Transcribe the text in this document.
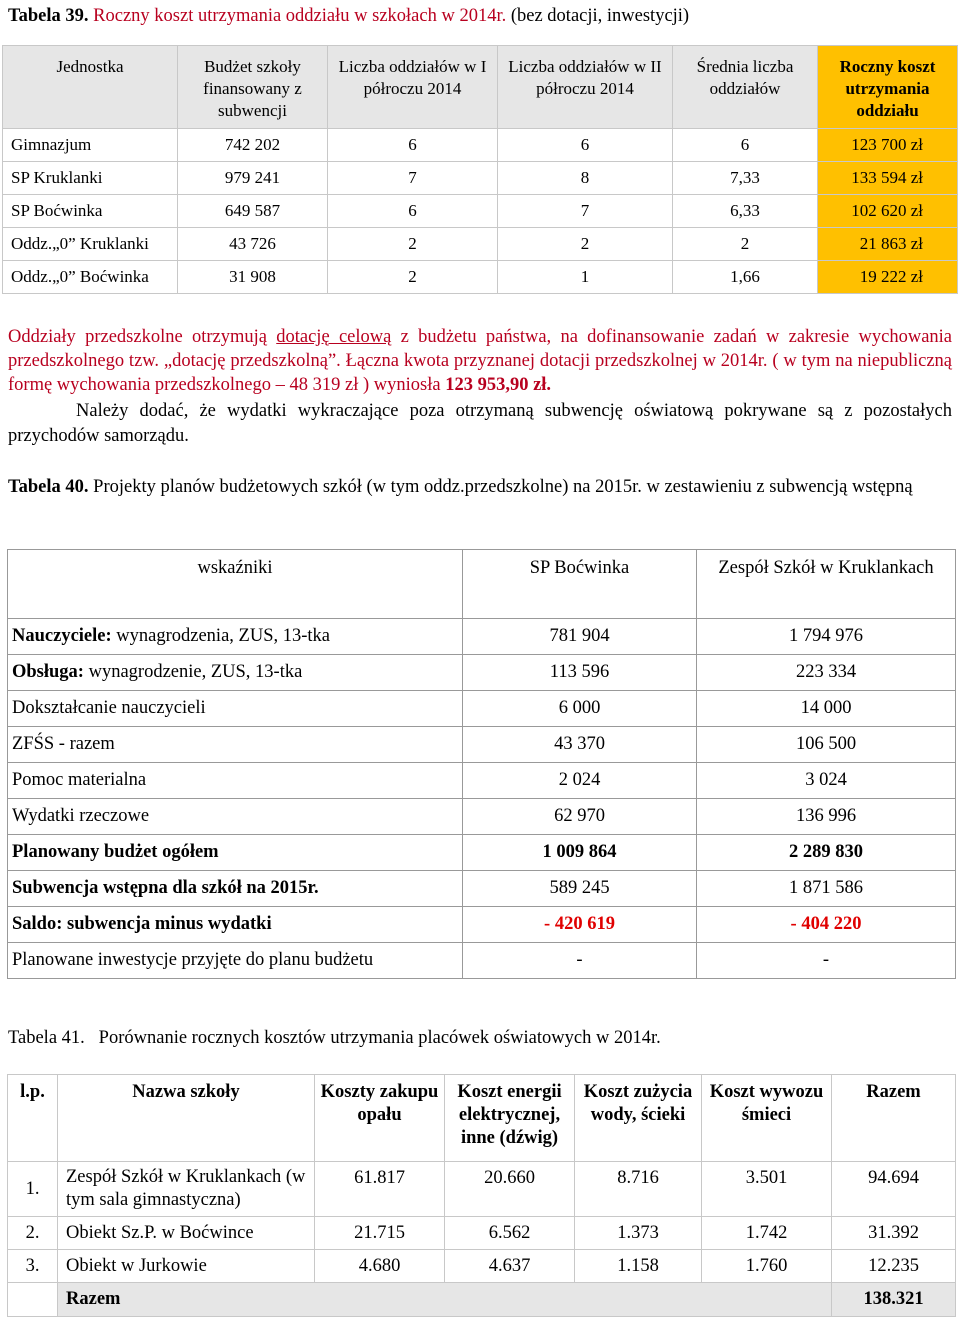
Tabela 39. Roczny koszt utrzymania oddziału w szkołach w 2014r. (bez dotacji, inwestycji)
Jednostka	Budżet szkoły finansowany z subwencji	Liczba oddziałów w I półroczu 2014	Liczba oddziałów w II półroczu 2014	Średnia liczba oddziałów	Roczny koszt utrzymania oddziału
Gimnazjum	742 202	6	6	6	123 700 zł
SP Kruklanki	979 241	7	8	7,33	133 594 zł
SP Boćwinka	649 587	6	7	6,33	102 620 zł
Oddz.„0” Kruklanki	43 726	2	2	2	21 863 zł
Oddz.„0” Boćwinka	31 908	2	1	1,66	19 222 zł
Oddziały przedszkolne otrzymują dotację celową z budżetu państwa, na dofinansowanie zadań w zakresie wychowania przedszkolnego tzw. „dotację przedszkolną”. Łączna kwota przyznanej dotacji przedszkolnej w 2014r. ( w tym na niepubliczną formę wychowania przedszkolnego – 48 319 zł ) wyniosła 123 953,90 zł.
Należy dodać, że wydatki wykraczające poza otrzymaną subwencję oświatową pokrywane są z pozostałych przychodów samorządu.
Tabela 40. Projekty planów budżetowych szkół (w tym oddz.przedszkolne) na 2015r. w zestawieniu z subwencją wstępną
wskaźniki	SP Boćwinka	Zespół Szkół w Kruklankach
Nauczyciele: wynagrodzenia, ZUS, 13-tka	781 904	1 794 976
Obsługa: wynagrodzenie, ZUS, 13-tka	113 596	223 334
Dokształcanie nauczycieli	6 000	14 000
ZFŚS - razem	43 370	106 500
Pomoc materialna	2 024	3 024
Wydatki rzeczowe	62 970	136 996
Planowany budżet ogółem	1 009 864	2 289 830
Subwencja wstępna dla szkół na 2015r.	589 245	1 871 586
Saldo: subwencja minus wydatki	- 420 619	- 404 220
Planowane inwestycje przyjęte do planu budżetu	-	-
Tabela 41. Porównanie rocznych kosztów utrzymania placówek oświatowych w 2014r.
l.p.	Nazwa szkoły	Koszty zakupu opału	Koszt energii elektrycznej, inne (dźwig)	Koszt zużycia wody, ścieki	Koszt wywozu śmieci	Razem
1.	Zespół Szkół w Kruklankach (w tym sala gimnastyczna)	61.817	20.660	8.716	3.501	94.694
2.	Obiekt Sz.P. w Boćwince	21.715	6.562	1.373	1.742	31.392
3.	Obiekt w Jurkowie	4.680	4.637	1.158	1.760	12.235
	Razem					138.321
